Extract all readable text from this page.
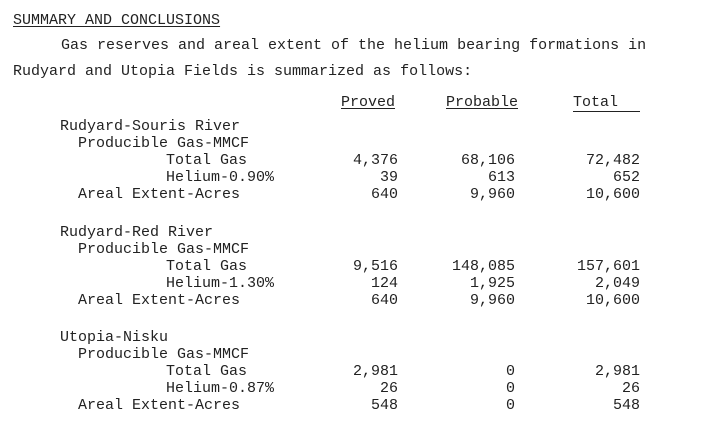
SUMMARY AND CONCLUSIONS
Gas reserves and areal extent of the helium bearing formations in
Rudyard and Utopia Fields is summarized as follows:
Proved	Probable	Total
Rudyard-Souris River
Producible Gas-MMCF
Total Gas	4,376	68,106	72,482
Helium-0.90%	39	613	652
Areal Extent-Acres	640	9,960	10,600
Rudyard-Red River
Producible Gas-MMCF
Total Gas	9,516	148,085	157,601
Helium-1.30%	124	1,925	2,049
Areal Extent-Acres	640	9,960	10,600
Utopia-Nisku
Producible Gas-MMCF
Total Gas	2,981	0	2,981
Helium-0.87%	26	0	26
Areal Extent-Acres	548	0	548
